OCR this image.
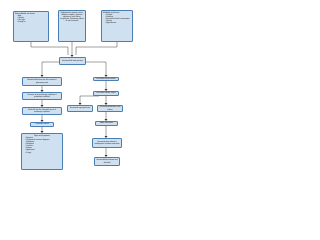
Non-modifiable risk factors
• Age
• Gender
• Life style
• Family hx
Endometrium, malaria, stress, diabetes insipidus, hormone imbalance, renal failure, arrhythmias, Pulmonary edema of mitral stenosis
Modifiable risk factors
• Lifestyle
• Smoking
• Excessive alcohol consumption
• Obesity
• Hypertension
Increased left atrial pressure
Blood backflow from the left ventricle & pulmonary veins
Pressure in the pulmonary capillaries & pulmonary capillaries
Fluid shift into the interstitial space of pulmonary capillaries
Pulmonary edema
Signs and symptoms
• Dyspnea
• Paroxysmal nocturnal dyspnea
• Orthopnea
• Weakness
• Crackles
• Fatigue
• Hypoxemia
• Cough
Decreased stroke volume
Decreased cardiac output
Decreased organ perfusion
Decreased blood flow to the kidney
RAAS stimulation
Increased renin release & reabsorption of sodium and water
Increased blood volume and afterload
